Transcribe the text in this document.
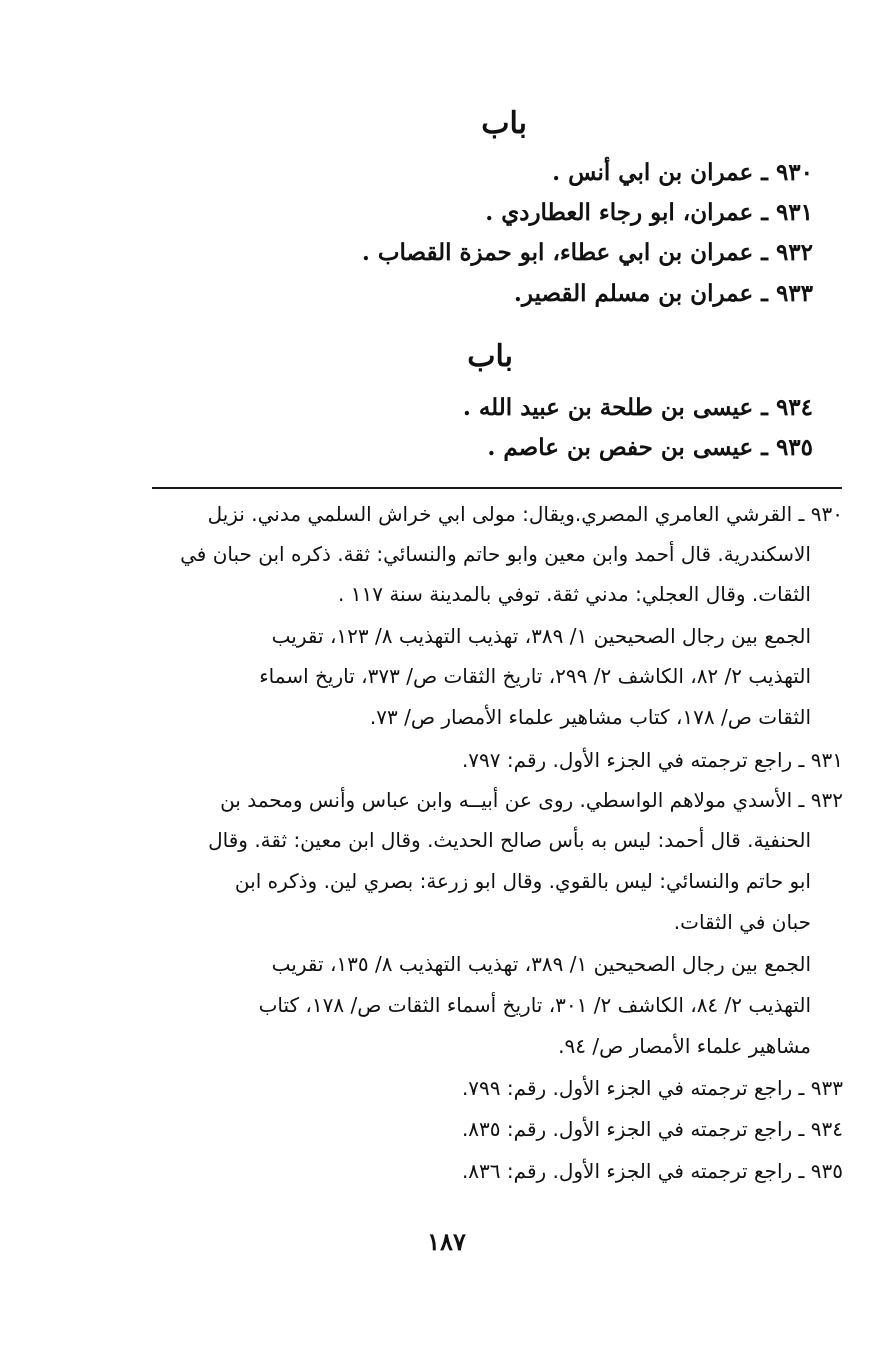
باب
٩٣٠ ـ عمران بن ابي أنس .
٩٣١ ـ عمران، ابو رجاء العطاردي .
٩٣٢ ـ عمران بن ابي عطاء، ابو حمزة القصاب .
٩٣٣ ـ عمران بن مسلم القصير.
باب
٩٣٤ ـ عيسى بن طلحة بن عبيد الله .
٩٣٥ ـ عيسى بن حفص بن عاصم .
٩٣٠ ـ القرشي العامري المصري.ويقال: مولى ابي خراش السلمي مدني. نزيل
الاسكندرية. قال أحمد وابن معين وابو حاتم والنسائي: ثقة. ذكره ابن حبان في
الثقات. وقال العجلي: مدني ثقة. توفي بالمدينة سنة ١١٧ .
الجمع بين رجال الصحيحين ١/ ٣٨٩، تهذيب التهذيب ٨/ ١٢٣، تقريب
التهذيب ٢/ ٨٢، الكاشف ٢/ ٢٩٩، تاريخ الثقات ص/ ٣٧٣، تاريخ اسماء
الثقات ص/ ١٧٨، كتاب مشاهير علماء الأمصار ص/ ٧٣.
٩٣١ ـ راجع ترجمته في الجزء الأول. رقم: ٧٩٧.
٩٣٢ ـ الأسدي مولاهم الواسطي. روى عن أبيــه وابن عباس وأنس ومحمد بن
الحنفية. قال أحمد: ليس به بأس صالح الحديث. وقال ابن معين: ثقة. وقال
ابو حاتم والنسائي: ليس بالقوي. وقال ابو زرعة: بصري لين. وذكره ابن
حبان في الثقات.
الجمع بين رجال الصحيحين ١/ ٣٨٩، تهذيب التهذيب ٨/ ١٣٥، تقريب
التهذيب ٢/ ٨٤، الكاشف ٢/ ٣٠١، تاريخ أسماء الثقات ص/ ١٧٨، كتاب
مشاهير علماء الأمصار ص/ ٩٤.
٩٣٣ ـ راجع ترجمته في الجزء الأول. رقم: ٧٩٩.
٩٣٤ ـ راجع ترجمته في الجزء الأول. رقم: ٨٣٥.
٩٣٥ ـ راجع ترجمته في الجزء الأول. رقم: ٨٣٦.
١٨٧
